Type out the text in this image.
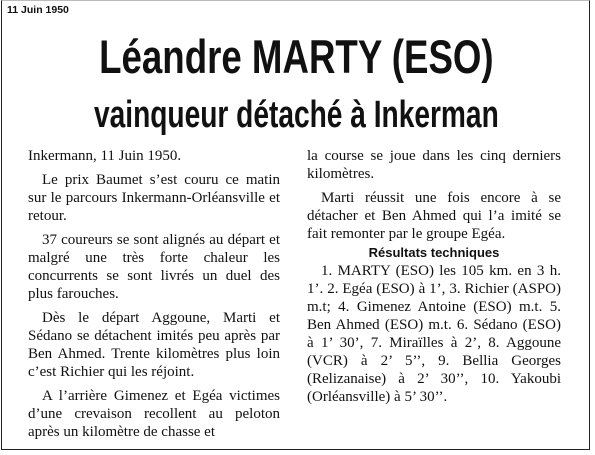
11 Juin 1950
Léandre MARTY (ESO)
vainqueur détaché à Inkerman

Inkermann, 11 Juin 1950.

Le prix Baumet s’est couru ce matin sur le parcours Inkermann-Orléansville et retour.

37 coureurs se sont alignés au départ et malgré une très forte chaleur les concurrents se sont livrés un duel des plus farouches.

Dès le départ Aggoune, Marti et Sédano se détachent imités peu après par Ben Ahmed. Trente kilomètres plus loin c’est Richier qui les réjoint.

A l’arrière Gimenez et Egéa victimes d’une crevaison recollent au peloton après un kilomètre de chasse et

la course se joue dans les cinq derniers kilomètres.

Marti réussit une fois encore à se détacher et Ben Ahmed qui l’a imité se fait remonter par le groupe Egéa.

Résultats techniques

1. MARTY (ESO) les 105 km. en 3 h. 1’. 2. Egéa (ESO) à 1’, 3. Richier (ASPO) m.t; 4. Gimenez Antoine (ESO) m.t. 5. Ben Ahmed (ESO) m.t. 6. Sédano (ESO) à 1’ 30’, 7. Miraïlles à 2’, 8. Aggoune (VCR) à 2’ 5’’, 9. Bellia Georges (Relizanaise) à 2’ 30’’, 10. Yakoubi (Orléansville) à 5’ 30’’.
